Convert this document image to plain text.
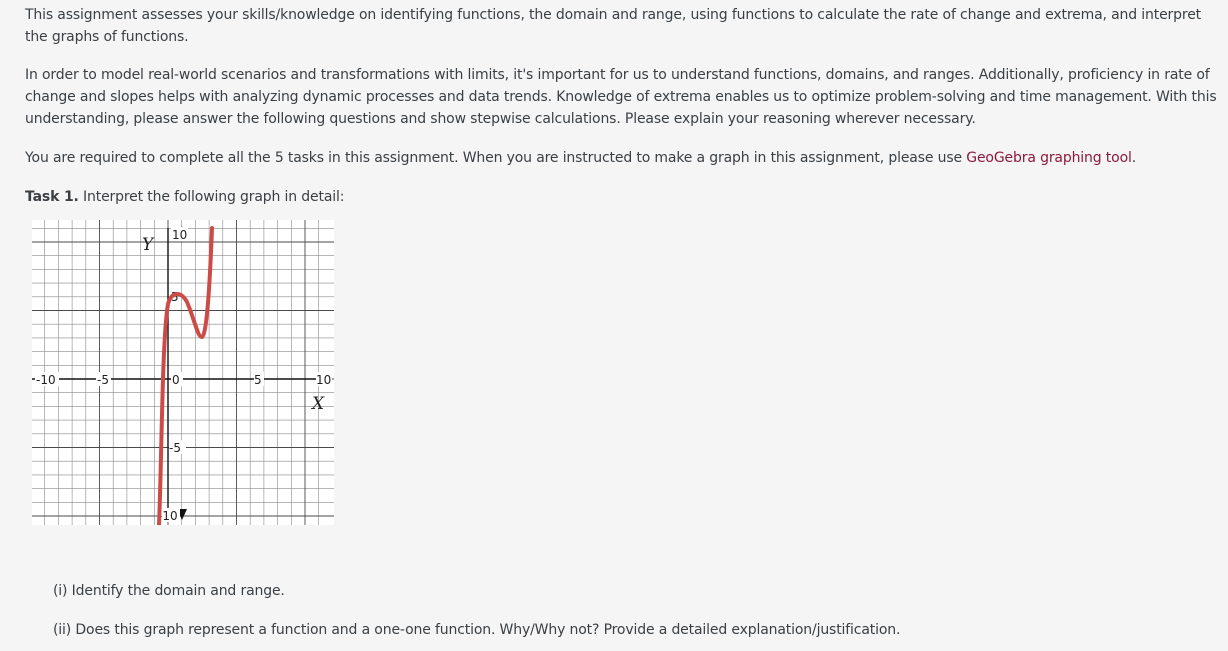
This assignment assesses your skills/knowledge on identifying functions, the domain and range, using functions to calculate the rate of change and extrema, and interpret the graphs of functions.

In order to model real-world scenarios and transformations with limits, it's important for us to understand functions, domains, and ranges. Additionally, proficiency in rate of change and slopes helps with analyzing dynamic processes and data trends. Knowledge of extrema enables us to optimize problem-solving and time management. With this understanding, please answer the following questions and show stepwise calculations. Please explain your reasoning wherever necessary.

You are required to complete all the 5 tasks in this assignment. When you are instructed to make a graph in this assignment, please use GeoGebra graphing tool.

Task 1. Interpret the following graph in detail:

-10	-5	0	5	10
10
5
-5
-10
Y
X

(i) Identify the domain and range.

(ii) Does this graph represent a function and a one-one function. Why/Why not? Provide a detailed explanation/justification.
